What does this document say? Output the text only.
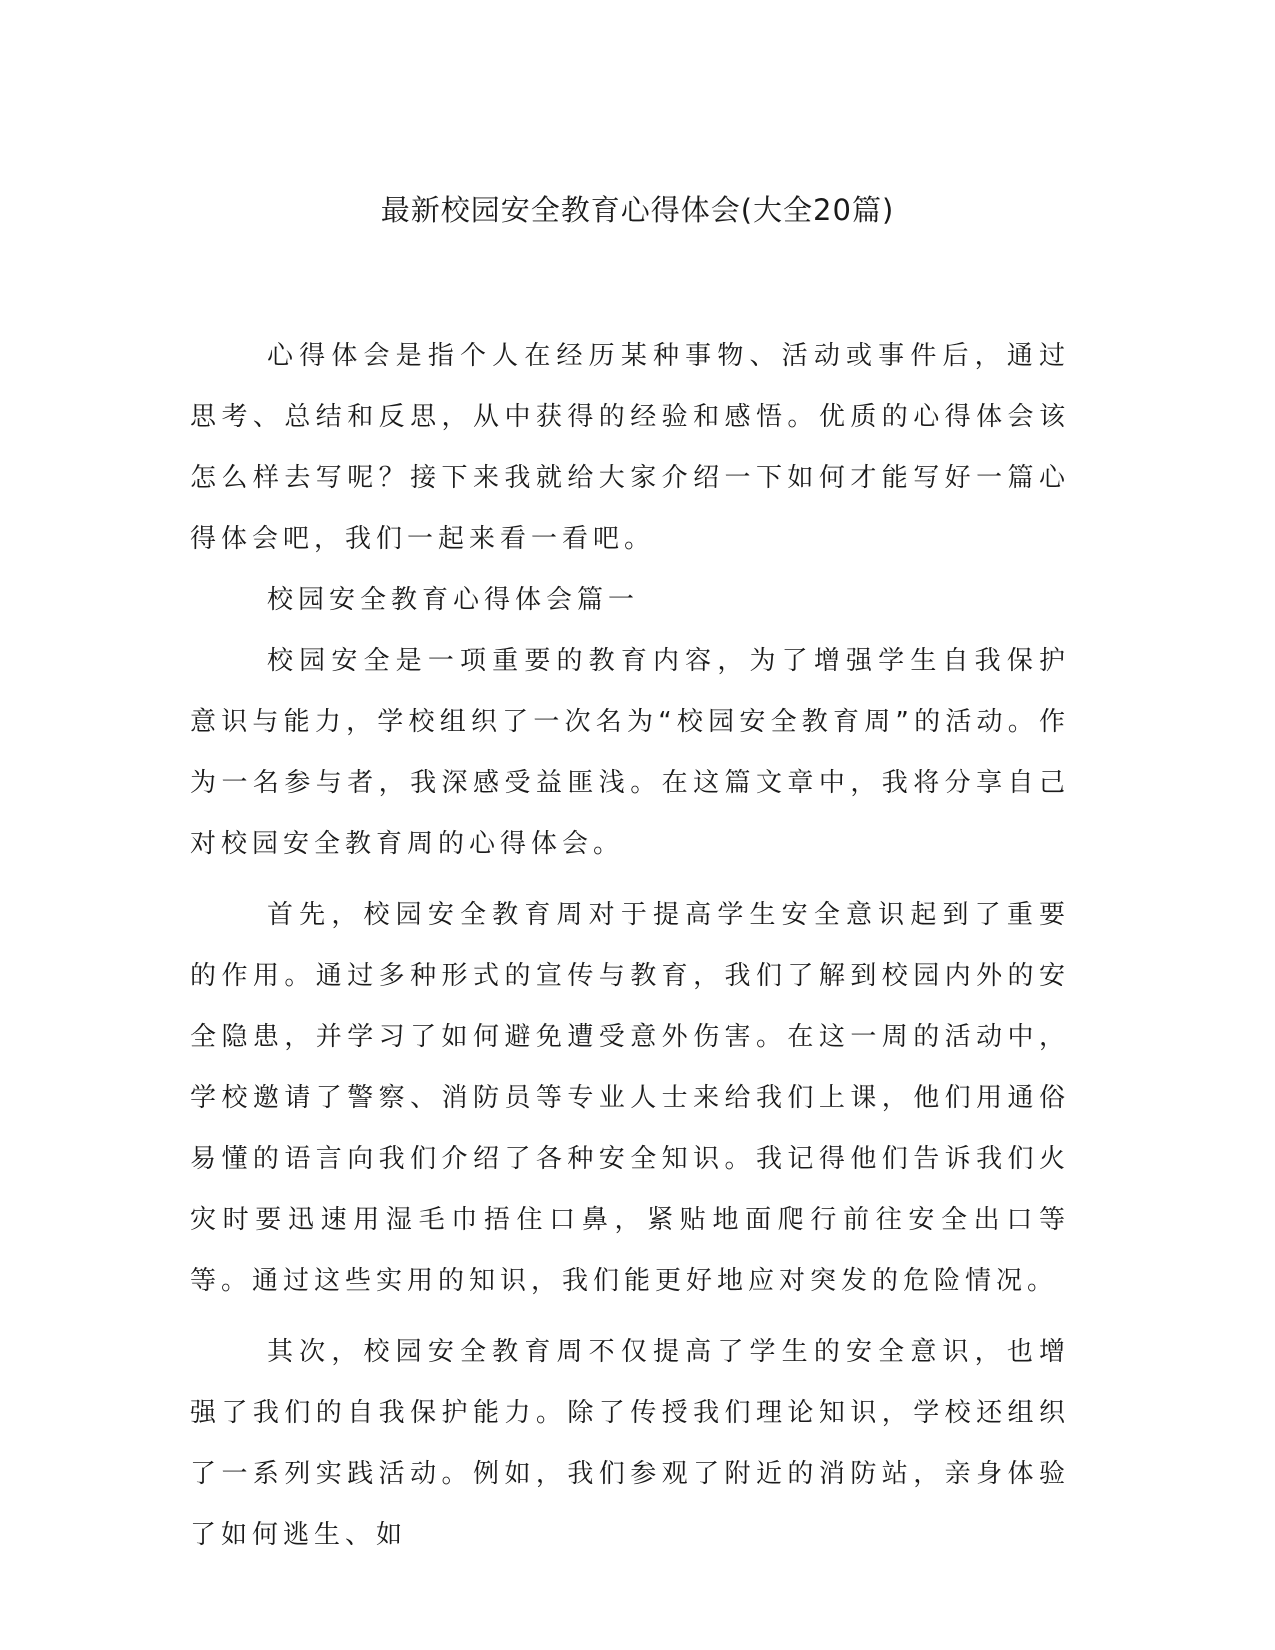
最新校园安全教育心得体会(大全20篇)

心得体会是指个人在经历某种事物、活动或事件后，通过思考、总结和反思，从中获得的经验和感悟。优质的心得体会该怎么样去写呢？接下来我就给大家介绍一下如何才能写好一篇心得体会吧，我们一起来看一看吧。

校园安全教育心得体会篇一

校园安全是一项重要的教育内容，为了增强学生自我保护意识与能力，学校组织了一次名为“校园安全教育周”的活动。作为一名参与者，我深感受益匪浅。在这篇文章中，我将分享自己对校园安全教育周的心得体会。

首先，校园安全教育周对于提高学生安全意识起到了重要的作用。通过多种形式的宣传与教育，我们了解到校园内外的安全隐患，并学习了如何避免遭受意外伤害。在这一周的活动中，学校邀请了警察、消防员等专业人士来给我们上课，他们用通俗易懂的语言向我们介绍了各种安全知识。我记得他们告诉我们火灾时要迅速用湿毛巾捂住口鼻，紧贴地面爬行前往安全出口等等。通过这些实用的知识，我们能更好地应对突发的危险情况。

其次，校园安全教育周不仅提高了学生的安全意识，也增强了我们的自我保护能力。除了传授我们理论知识，学校还组织了一系列实践活动。例如，我们参观了附近的消防站，亲身体验了如何逃生、如
